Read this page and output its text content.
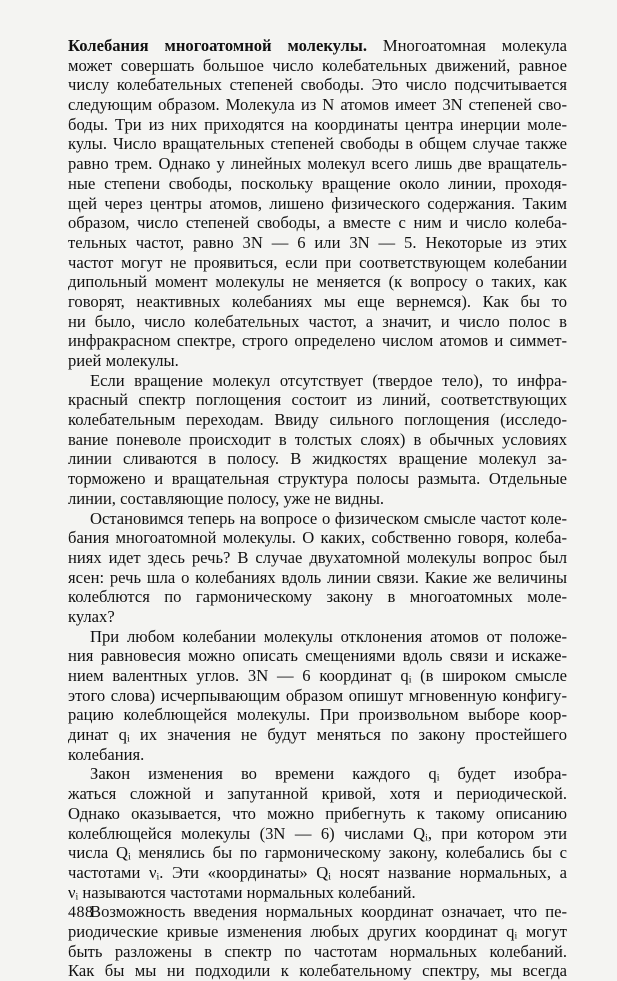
Колебания многоатомной молекулы. Многоатомная молекула
может совершать большое число колебательных движений, равное
числу колебательных степеней свободы. Это число подсчитывается
следующим образом. Молекула из N атомов имеет 3N степеней сво-
боды. Три из них приходятся на координаты центра инерции моле-
кулы. Число вращательных степеней свободы в общем случае также
равно трем. Однако у линейных молекул всего лишь две вращатель-
ные степени свободы, поскольку вращение около линии, проходя-
щей через центры атомов, лишено физического содержания. Таким
образом, число степеней свободы, а вместе с ним и число колеба-
тельных частот, равно 3N — 6 или 3N — 5. Некоторые из этих
частот могут не проявиться, если при соответствующем колебании
дипольный момент молекулы не меняется (к вопросу о таких, как
говорят, неактивных колебаниях мы еще вернемся). Как бы то
ни было, число колебательных частот, а значит, и число полос в
инфракрасном спектре, строго определено числом атомов и симмет-
рией молекулы.
Если вращение молекул отсутствует (твердое тело), то инфра-
красный спектр поглощения состоит из линий, соответствующих
колебательным переходам. Ввиду сильного поглощения (исследо-
вание поневоле происходит в толстых слоях) в обычных условиях
линии сливаются в полосу. В жидкостях вращение молекул за-
торможено и вращательная структура полосы размыта. Отдельные
линии, составляющие полосу, уже не видны.
Остановимся теперь на вопросе о физическом смысле частот коле-
бания многоатомной молекулы. О каких, собственно говоря, колеба-
ниях идет здесь речь? В случае двухатомной молекулы вопрос был
ясен: речь шла о колебаниях вдоль линии связи. Какие же величины
колеблются по гармоническому закону в многоатомных моле-
кулах?
При любом колебании молекулы отклонения атомов от положе-
ния равновесия можно описать смещениями вдоль связи и искаже-
нием валентных углов. 3N — 6 координат qᵢ (в широком смысле
этого слова) исчерпывающим образом опишут мгновенную конфигу-
рацию колеблющейся молекулы. При произвольном выборе коор-
динат qᵢ их значения не будут меняться по закону простейшего
колебания.
Закон изменения во времени каждого qᵢ будет изобра-
жаться сложной и запутанной кривой, хотя и периодической.
Однако оказывается, что можно прибегнуть к такому описанию
колеблющейся молекулы (3N — 6) числами Qᵢ, при котором эти
числа Qᵢ менялись бы по гармоническому закону, колебались бы с
частотами νᵢ. Эти «координаты» Qᵢ носят название нормальных, а
νᵢ называются частотами нормальных колебаний.
Возможность введения нормальных координат означает, что пе-
риодические кривые изменения любых других координат qᵢ могут
быть разложены в спектр по частотам нормальных колебаний.
Как бы мы ни подходили к колебательному спектру, мы всегда
488
